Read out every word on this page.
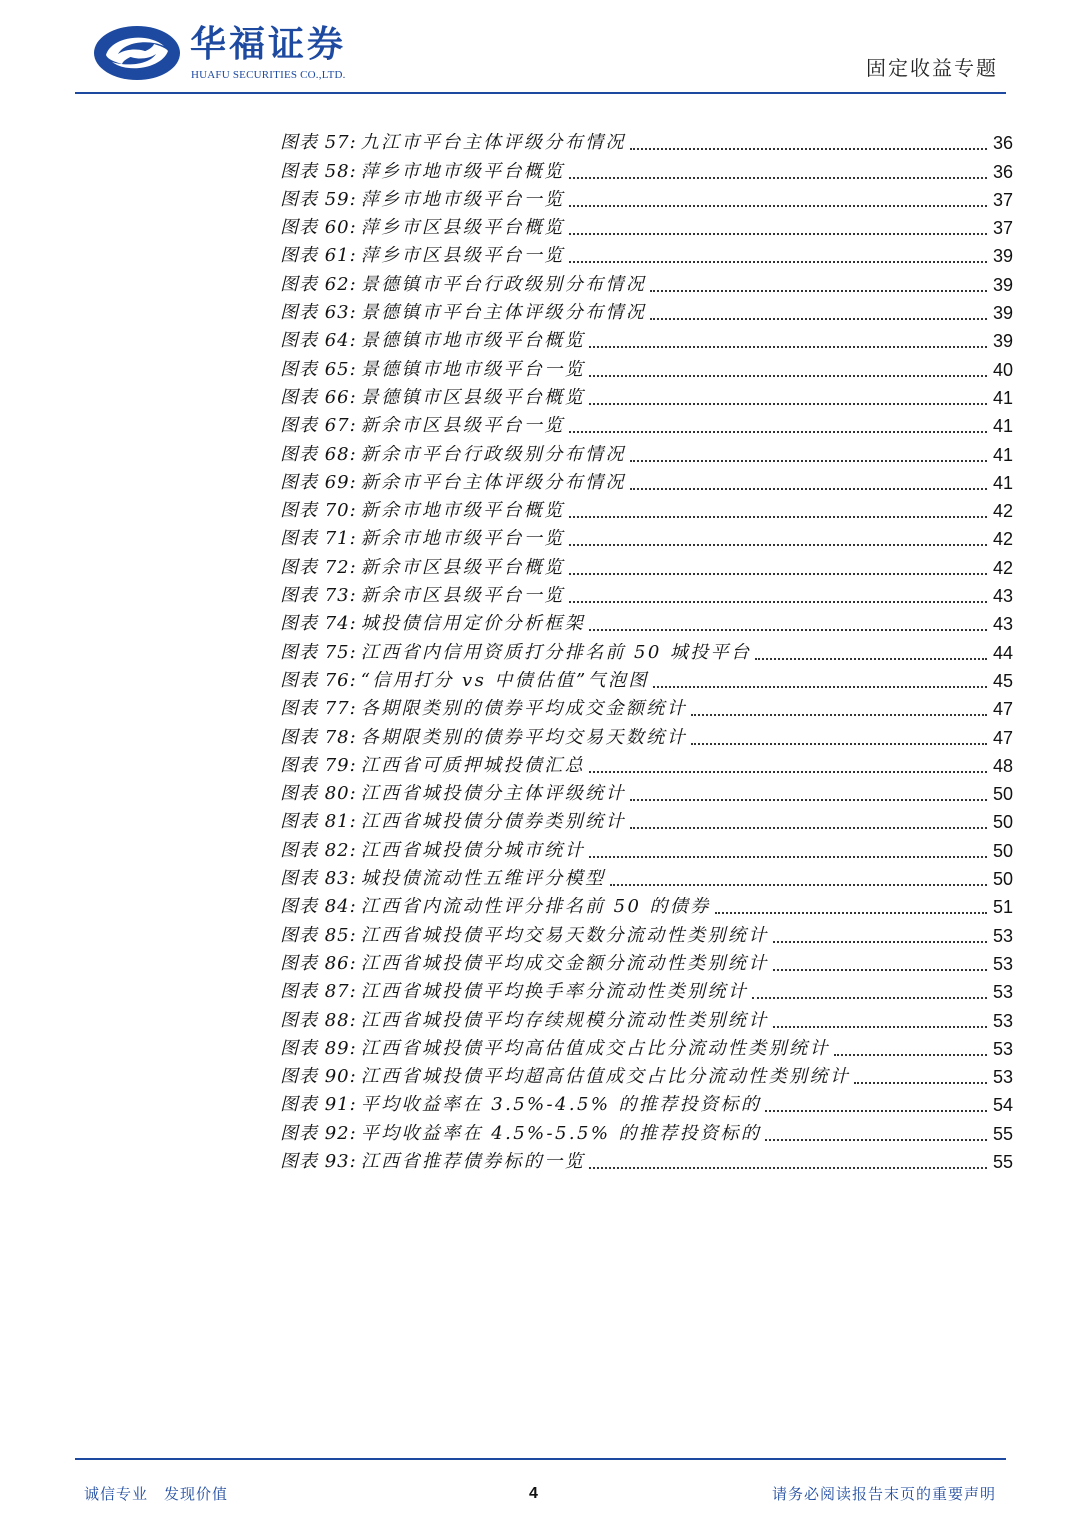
华福证券
HUAFU SECURITIES CO.,LTD.	固定收益专题
图表 57: 九江市平台主体评级分布情况	36
图表 58: 萍乡市地市级平台概览	36
图表 59: 萍乡市地市级平台一览	37
图表 60: 萍乡市区县级平台概览	37
图表 61: 萍乡市区县级平台一览	39
图表 62: 景德镇市平台行政级别分布情况	39
图表 63: 景德镇市平台主体评级分布情况	39
图表 64: 景德镇市地市级平台概览	39
图表 65: 景德镇市地市级平台一览	40
图表 66: 景德镇市区县级平台概览	41
图表 67: 新余市区县级平台一览	41
图表 68: 新余市平台行政级别分布情况	41
图表 69: 新余市平台主体评级分布情况	41
图表 70: 新余市地市级平台概览	42
图表 71: 新余市地市级平台一览	42
图表 72: 新余市区县级平台概览	42
图表 73: 新余市区县级平台一览	43
图表 74: 城投债信用定价分析框架	43
图表 75: 江西省内信用资质打分排名前 50 城投平台	44
图表 76: “信用打分 vs 中债估值”气泡图	45
图表 77: 各期限类别的债券平均成交金额统计	47
图表 78: 各期限类别的债券平均交易天数统计	47
图表 79: 江西省可质押城投债汇总	48
图表 80: 江西省城投债分主体评级统计	50
图表 81: 江西省城投债分债券类别统计	50
图表 82: 江西省城投债分城市统计	50
图表 83: 城投债流动性五维评分模型	50
图表 84: 江西省内流动性评分排名前 50 的债券	51
图表 85: 江西省城投债平均交易天数分流动性类别统计	53
图表 86: 江西省城投债平均成交金额分流动性类别统计	53
图表 87: 江西省城投债平均换手率分流动性类别统计	53
图表 88: 江西省城投债平均存续规模分流动性类别统计	53
图表 89: 江西省城投债平均高估值成交占比分流动性类别统计	53
图表 90: 江西省城投债平均超高估值成交占比分流动性类别统计	53
图表 91: 平均收益率在 3.5%-4.5% 的推荐投资标的	54
图表 92: 平均收益率在 4.5%-5.5% 的推荐投资标的	55
图表 93: 江西省推荐债券标的一览	55
诚信专业 发现价值	4	请务必阅读报告末页的重要声明
